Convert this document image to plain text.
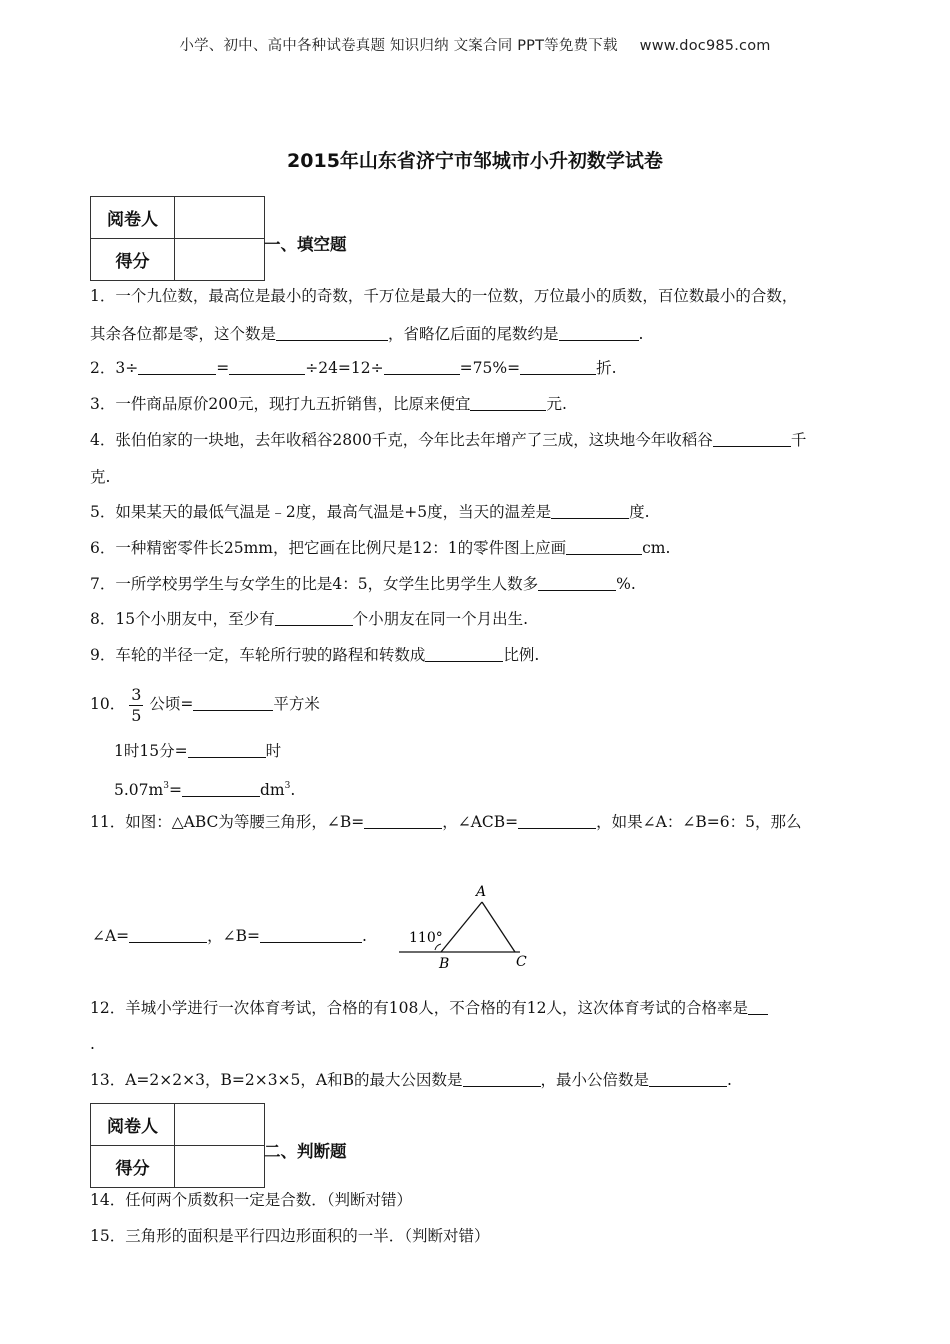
小学、初中、高中各种试卷真题 知识归纳 文案合同 PPT等免费下载 www.doc985.com
2015年山东省济宁市邹城市小升初数学试卷
阅卷人	
得分	
一、填空题
1．一个九位数，最高位是最小的奇数，千万位是最大的一位数，万位最小的质数，百位数最小的合数，
其余各位都是零，这个数是	，省略亿后面的尾数约是	.
2．3÷	=	÷24=12÷	=75%=	折.
3．一件商品原价200元，现打九五折销售，比原来便宜	元.
4．张伯伯家的一块地，去年收稻谷2800千克，今年比去年增产了三成，这块地今年收稻谷	千
克.
5．如果某天的最低气温是﹣2度，最高气温是+5度，当天的温差是	度.
6．一种精密零件长25mm，把它画在比例尺是12：1的零件图上应画	cm.
7．一所学校男学生与女学生的比是4：5，女学生比男学生人数多	%.
8．15个小朋友中，至少有	个小朋友在同一个月出生.
9．车轮的半径一定，车轮所行驶的路程和转数成	比例.
10． $\frac{3}{5}$ 公顷=	平方米
1时15分=	时
$5.07m^3=$	$dm^3$.
11．如图：△ABC为等腰三角形，∠B=	，∠ACB=	，如果∠A：∠B=6：5，那么
∠A=	，∠B=	.
A
B	C
110°
12．羊城小学进行一次体育考试，合格的有108人，不合格的有12人，这次体育考试的合格率是
.
13．A=2×2×3，B=2×3×5，A和B的最大公因数是	，最小公倍数是	.
阅卷人	
得分	
二、判断题
14．任何两个质数积一定是合数．（判断对错）
15．三角形的面积是平行四边形面积的一半．（判断对错）
